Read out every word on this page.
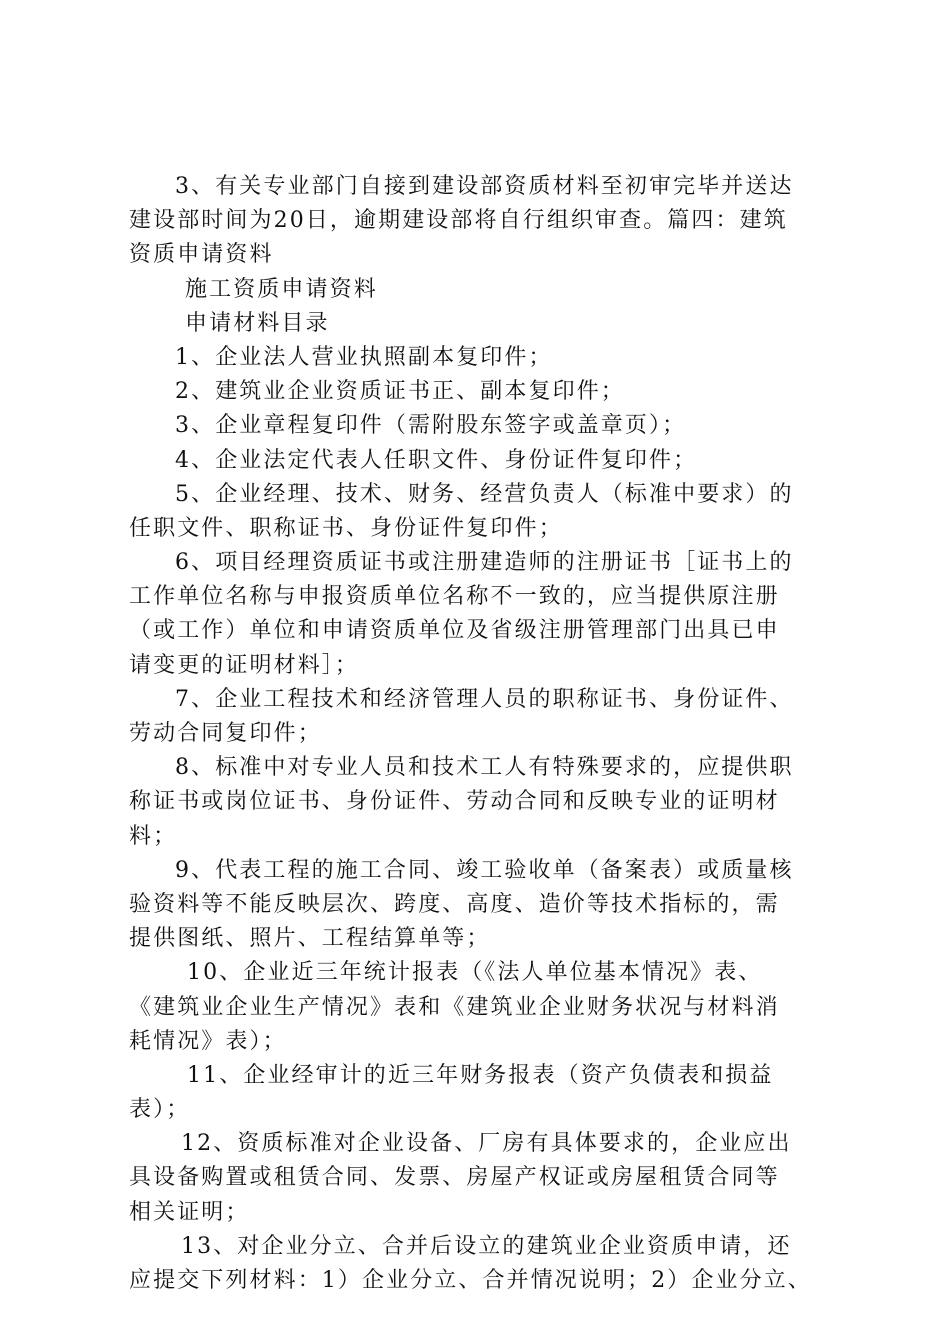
3、有关专业部门自接到建设部资质材料至初审完毕并送达
建设部时间为20日，逾期建设部将自行组织审查。篇四：建筑
资质申请资料
施工资质申请资料
申请材料目录
1、企业法人营业执照副本复印件；
2、建筑业企业资质证书正、副本复印件；
3、企业章程复印件（需附股东签字或盖章页）；
4、企业法定代表人任职文件、身份证件复印件；
5、企业经理、技术、财务、经营负责人（标准中要求）的
任职文件、职称证书、身份证件复印件；
6、项目经理资质证书或注册建造师的注册证书［证书上的
工作单位名称与申报资质单位名称不一致的，应当提供原注册
（或工作）单位和申请资质单位及省级注册管理部门出具已申
请变更的证明材料］；
7、企业工程技术和经济管理人员的职称证书、身份证件、
劳动合同复印件；
8、标准中对专业人员和技术工人有特殊要求的，应提供职
称证书或岗位证书、身份证件、劳动合同和反映专业的证明材
料；
9、代表工程的施工合同、竣工验收单（备案表）或质量核
验资料等不能反映层次、跨度、高度、造价等技术指标的，需
提供图纸、照片、工程结算单等；
10、企业近三年统计报表（《法人单位基本情况》表、
《建筑业企业生产情况》表和《建筑业企业财务状况与材料消
耗情况》表）；
11、企业经审计的近三年财务报表（资产负债表和损益
表）；
12、资质标准对企业设备、厂房有具体要求的，企业应出
具设备购置或租赁合同、发票、房屋产权证或房屋租赁合同等
相关证明；
13、对企业分立、合并后设立的建筑业企业资质申请，还
应提交下列材料：1）企业分立、合并情况说明；2）企业分立、
